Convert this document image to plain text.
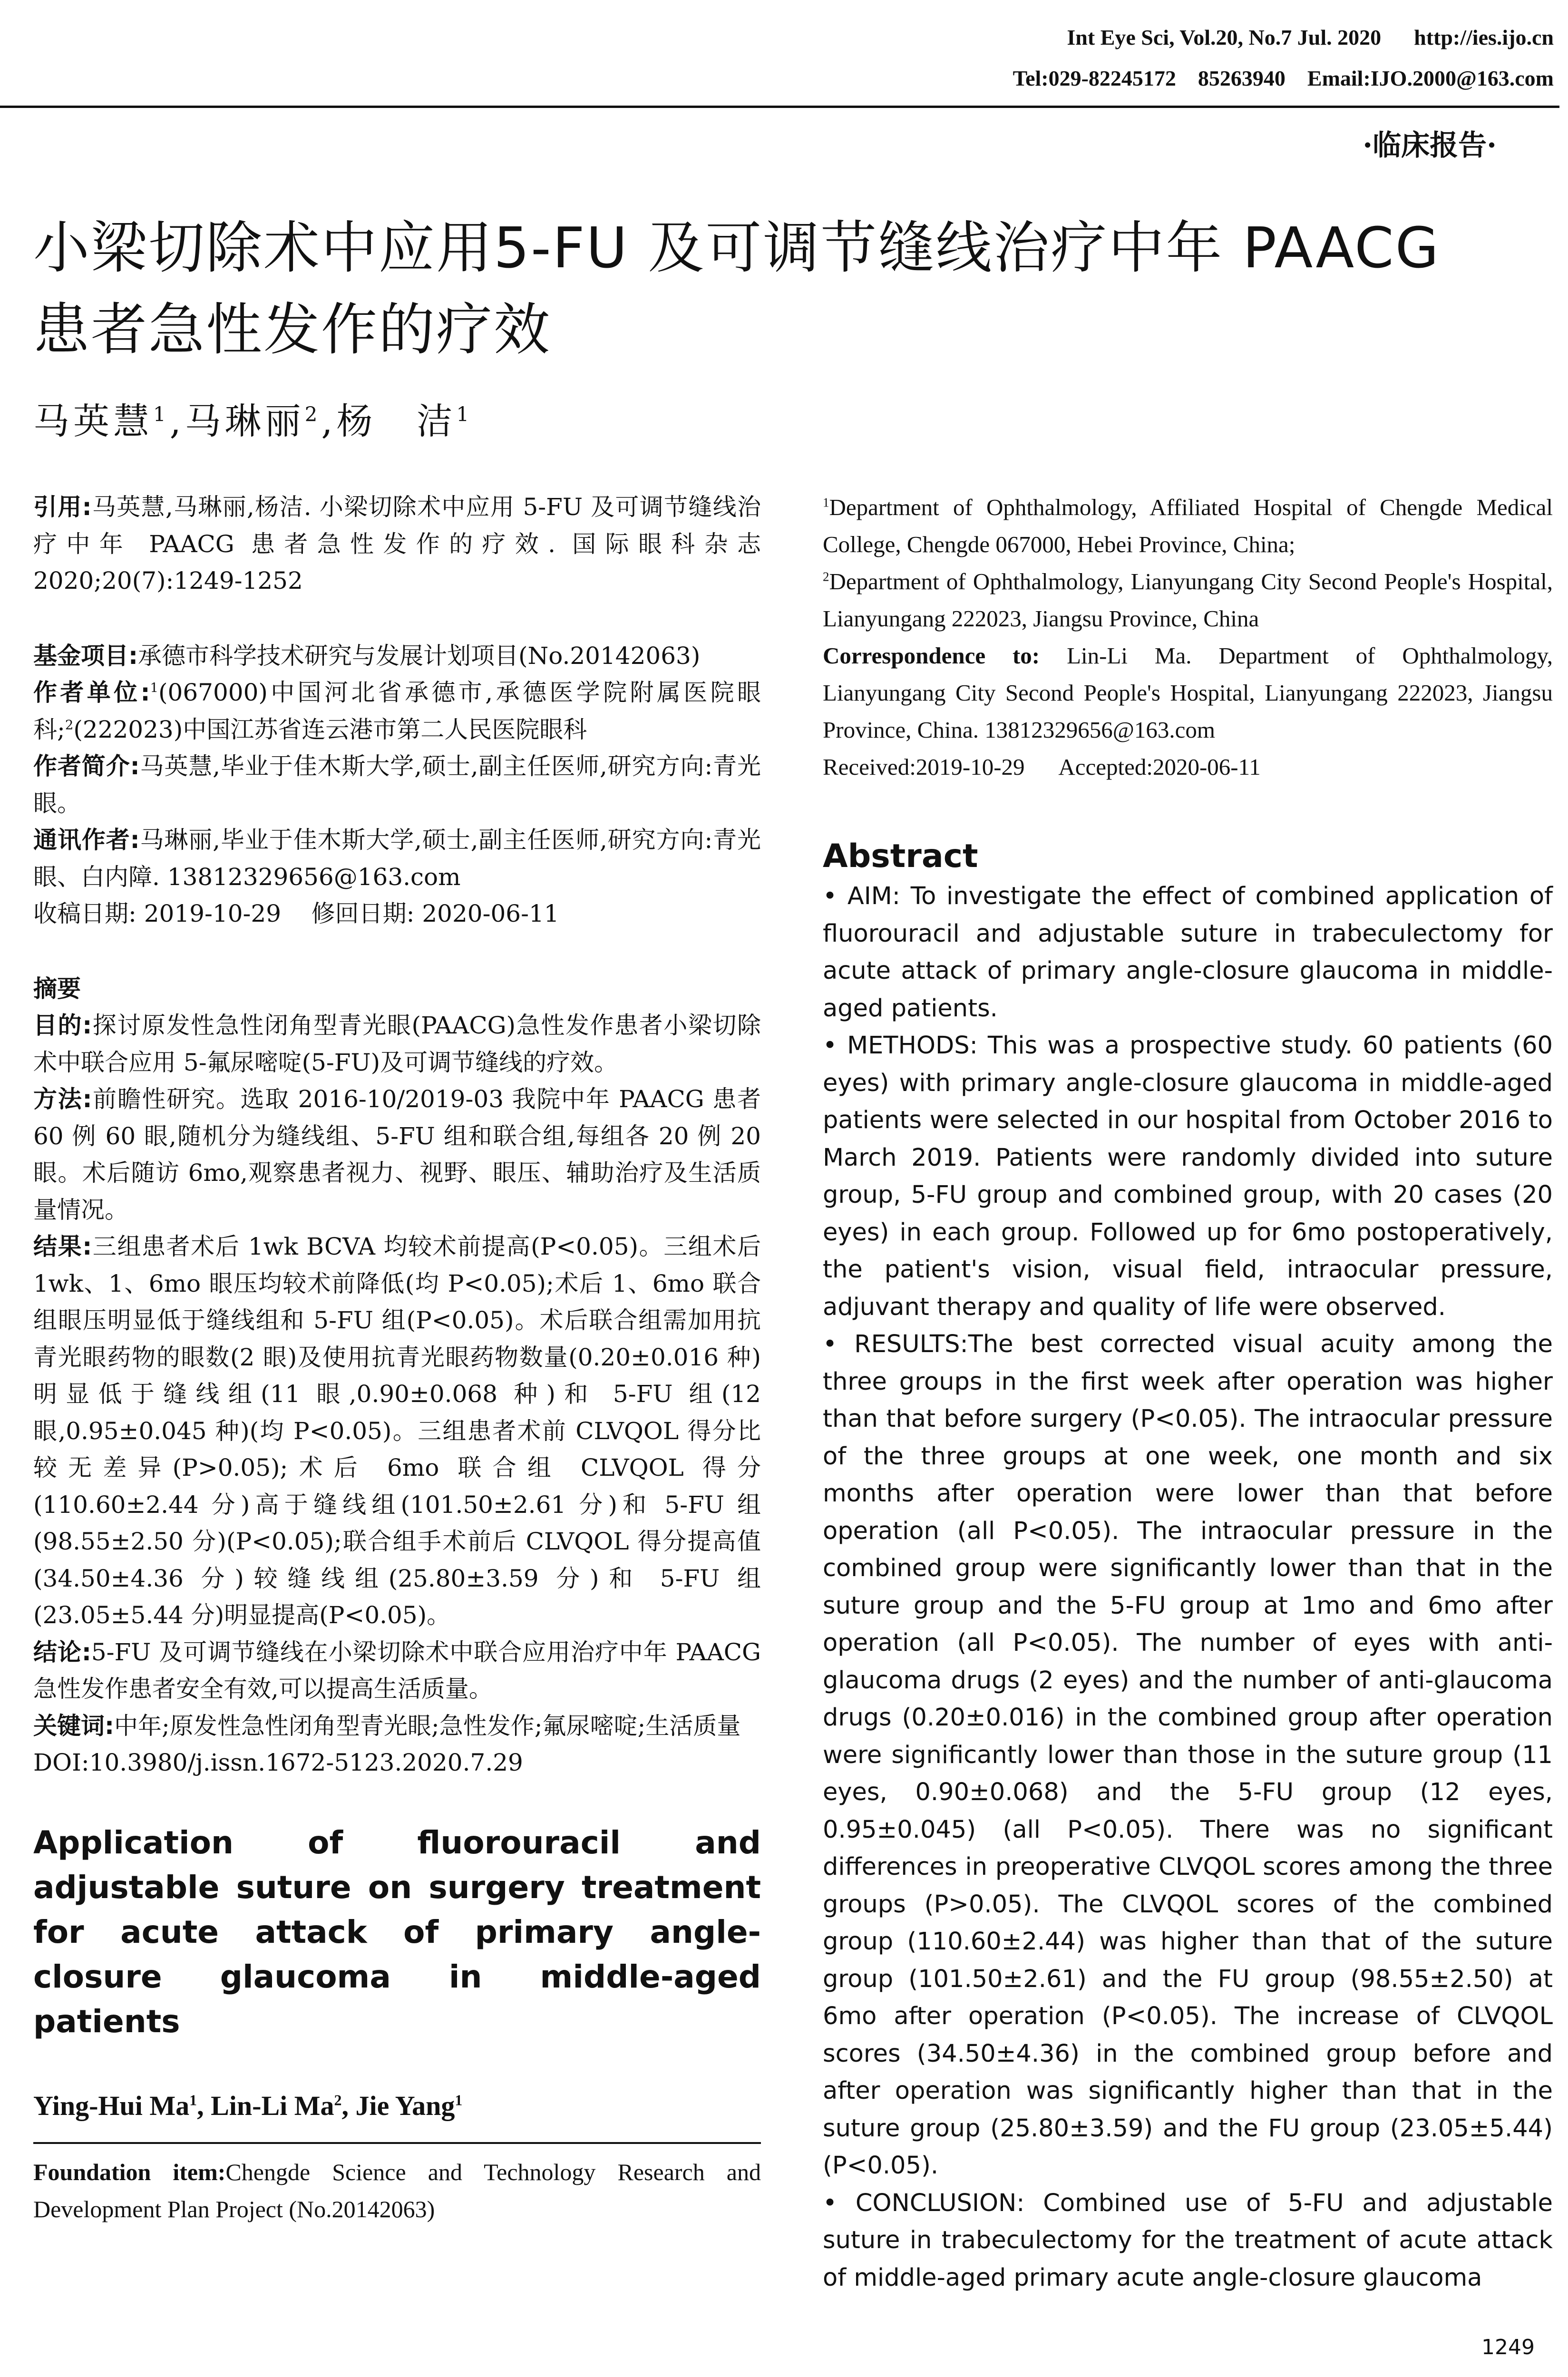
Int Eye Sci, Vol.20, No.7 Jul. 2020      http://ies.ijo.cn
Tel:029-82245172    85263940    Email:IJO.2000@163.com
·临床报告·
小梁切除术中应用5-FU 及可调节缝线治疗中年 PAACG
患者急性发作的疗效
马英慧$^1$,马琳丽$^2$,杨　洁$^1$
引用:马英慧,马琳丽,杨洁. 小梁切除术中应用 5-FU 及可调节缝线治疗中年 PAACG 患者急性发作的疗效. 国际眼科杂志 2020;20(7):1249-1252

基金项目:承德市科学技术研究与发展计划项目(No.20142063)

作者单位:$^1$(067000)中国河北省承德市,承德医学院附属医院眼科;$^2$(222023)中国江苏省连云港市第二人民医院眼科

作者简介:马英慧,毕业于佳木斯大学,硕士,副主任医师,研究方向:青光眼。

通讯作者:马琳丽,毕业于佳木斯大学,硕士,副主任医师,研究方向:青光眼、白内障. 13812329656@163.com

收稿日期: 2019-10-29    修回日期: 2020-06-11

摘要

目的:探讨原发性急性闭角型青光眼(PAACG)急性发作患者小梁切除术中联合应用 5-氟尿嘧啶(5-FU)及可调节缝线的疗效。

方法:前瞻性研究。选取 2016-10/2019-03 我院中年 PAACG 患者 60 例 60 眼,随机分为缝线组、5-FU 组和联合组,每组各 20 例 20 眼。术后随访 6mo,观察患者视力、视野、眼压、辅助治疗及生活质量情况。

结果:三组患者术后 1wk BCVA 均较术前提高(P<0.05)。三组术后 1wk、1、6mo 眼压均较术前降低(均 P<0.05);术后 1、6mo 联合组眼压明显低于缝线组和 5-FU 组(P<0.05)。术后联合组需加用抗青光眼药物的眼数(2 眼)及使用抗青光眼药物数量(0.20±0.016 种)明显低于缝线组(11 眼,0.90±0.068 种)和 5-FU 组(12 眼,0.95±0.045 种)(均 P<0.05)。三组患者术前 CLVQOL 得分比较无差异(P>0.05);术后 6mo 联合组 CLVQOL 得分(110.60±2.44 分)高于缝线组(101.50±2.61 分)和 5-FU 组(98.55±2.50 分)(P<0.05);联合组手术前后 CLVQOL 得分提高值(34.50±4.36 分)较缝线组(25.80±3.59 分)和 5-FU 组(23.05±5.44 分)明显提高(P<0.05)。

结论:5-FU 及可调节缝线在小梁切除术中联合应用治疗中年 PAACG 急性发作患者安全有效,可以提高生活质量。

关键词:中年;原发性急性闭角型青光眼;急性发作;氟尿嘧啶;生活质量

DOI:10.3980/j.issn.1672-5123.2020.7.29

Application of fluorouracil and adjustable suture on surgery treatment for acute attack of primary angle-closure glaucoma in middle-aged patients
Ying-Hui Ma$^1$, Lin-Li Ma$^2$, Jie Yang$^1$
Foundation item:Chengde Science and Technology Research and Development Plan Project (No.20142063)

$^1$Department of Ophthalmology, Affiliated Hospital of Chengde Medical College, Chengde 067000, Hebei Province, China;

$^2$Department of Ophthalmology, Lianyungang City Second People's Hospital, Lianyungang 222023, Jiangsu Province, China

Correspondence to: Lin-Li Ma. Department of Ophthalmology, Lianyungang City Second People's Hospital, Lianyungang 222023, Jiangsu Province, China. 13812329656@163.com

Received:2019-10-29 Accepted:2020-06-11

Abstract

• AIM: To investigate the effect of combined application of fluorouracil and adjustable suture in trabeculectomy for acute attack of primary angle-closure glaucoma in middle-aged patients.

• METHODS: This was a prospective study. 60 patients (60 eyes) with primary angle-closure glaucoma in middle-aged patients were selected in our hospital from October 2016 to March 2019. Patients were randomly divided into suture group, 5-FU group and combined group, with 20 cases (20 eyes) in each group. Followed up for 6mo postoperatively, the patient's vision, visual field, intraocular pressure, adjuvant therapy and quality of life were observed.

• RESULTS:The best corrected visual acuity among the three groups in the first week after operation was higher than that before surgery (P<0.05). The intraocular pressure of the three groups at one week, one month and six months after operation were lower than that before operation (all P<0.05). The intraocular pressure in the combined group were significantly lower than that in the suture group and the 5-FU group at 1mo and 6mo after operation (all P<0.05). The number of eyes with anti-glaucoma drugs (2 eyes) and the number of anti-glaucoma drugs (0.20±0.016) in the combined group after operation were significantly lower than those in the suture group (11 eyes, 0.90±0.068) and the 5-FU group (12 eyes, 0.95±0.045) (all P<0.05). There was no significant differences in preoperative CLVQOL scores among the three groups (P>0.05). The CLVQOL scores of the combined group (110.60±2.44) was higher than that of the suture group (101.50±2.61) and the FU group (98.55±2.50) at 6mo after operation (P<0.05). The increase of CLVQOL scores (34.50±4.36) in the combined group before and after operation was significantly higher than that in the suture group (25.80±3.59) and the FU group (23.05±5.44) (P<0.05).

• CONCLUSION: Combined use of 5-FU and adjustable suture in trabeculectomy for the treatment of acute attack of middle-aged primary acute angle-closure glaucoma

1249
